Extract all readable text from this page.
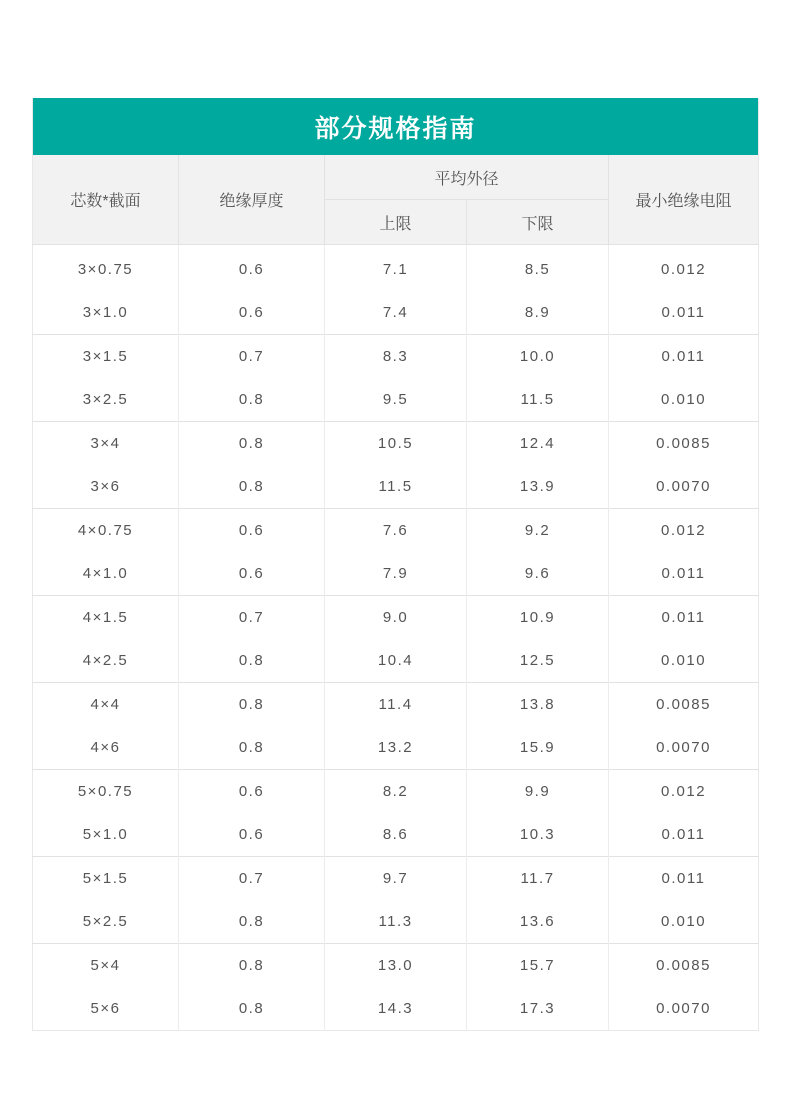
部分规格指南				
芯数*截面	绝缘厚度	平均外径		最小绝缘电阻
		上限	下限	
3×0.75	0.6	7.1	8.5	0.012
3×1.0	0.6	7.4	8.9	0.011
3×1.5	0.7	8.3	10.0	0.011
3×2.5	0.8	9.5	11.5	0.010
3×4	0.8	10.5	12.4	0.0085
3×6	0.8	11.5	13.9	0.0070
4×0.75	0.6	7.6	9.2	0.012
4×1.0	0.6	7.9	9.6	0.011
4×1.5	0.7	9.0	10.9	0.011
4×2.5	0.8	10.4	12.5	0.010
4×4	0.8	11.4	13.8	0.0085
4×6	0.8	13.2	15.9	0.0070
5×0.75	0.6	8.2	9.9	0.012
5×1.0	0.6	8.6	10.3	0.011
5×1.5	0.7	9.7	11.7	0.011
5×2.5	0.8	11.3	13.6	0.010
5×4	0.8	13.0	15.7	0.0085
5×6	0.8	14.3	17.3	0.0070
